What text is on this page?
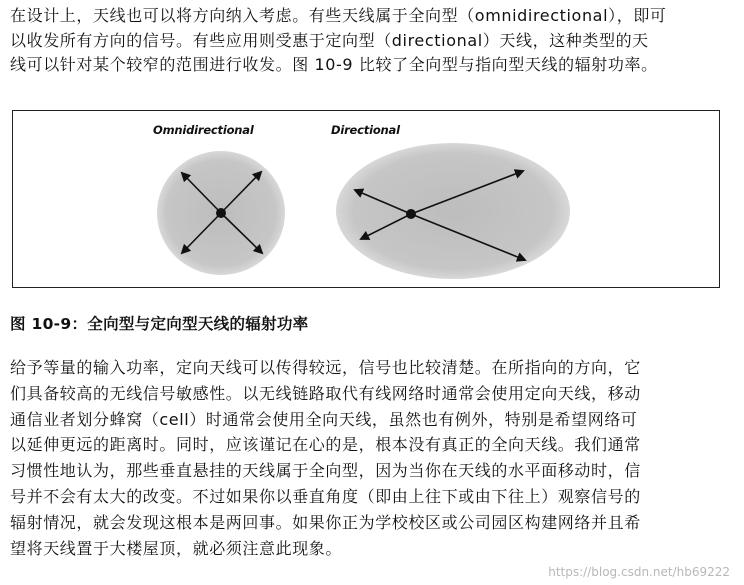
在设计上，天线也可以将方向纳入考虑。有些天线属于全向型（omnidirectional），即可
以收发所有方向的信号。有些应用则受惠于定向型（directional）天线，这种类型的天
线可以针对某个较窄的范围进行收发。图 10-9 比较了全向型与指向型天线的辐射功率。
Omnidirectional	Directional
图 10-9：全向型与定向型天线的辐射功率
给予等量的输入功率，定向天线可以传得较远，信号也比较清楚。在所指向的方向，它
们具备较高的无线信号敏感性。以无线链路取代有线网络时通常会使用定向天线，移动
通信业者划分蜂窝（cell）时通常会使用全向天线，虽然也有例外，特别是希望网络可
以延伸更远的距离时。同时，应该谨记在心的是，根本没有真正的全向天线。我们通常
习惯性地认为，那些垂直悬挂的天线属于全向型，因为当你在天线的水平面移动时，信
号并不会有太大的改变。不过如果你以垂直角度（即由上往下或由下往上）观察信号的
辐射情况，就会发现这根本是两回事。如果你正为学校校区或公司园区构建网络并且希
望将天线置于大楼屋顶，就必须注意此现象。
https://blog.csdn.net/hb69222
